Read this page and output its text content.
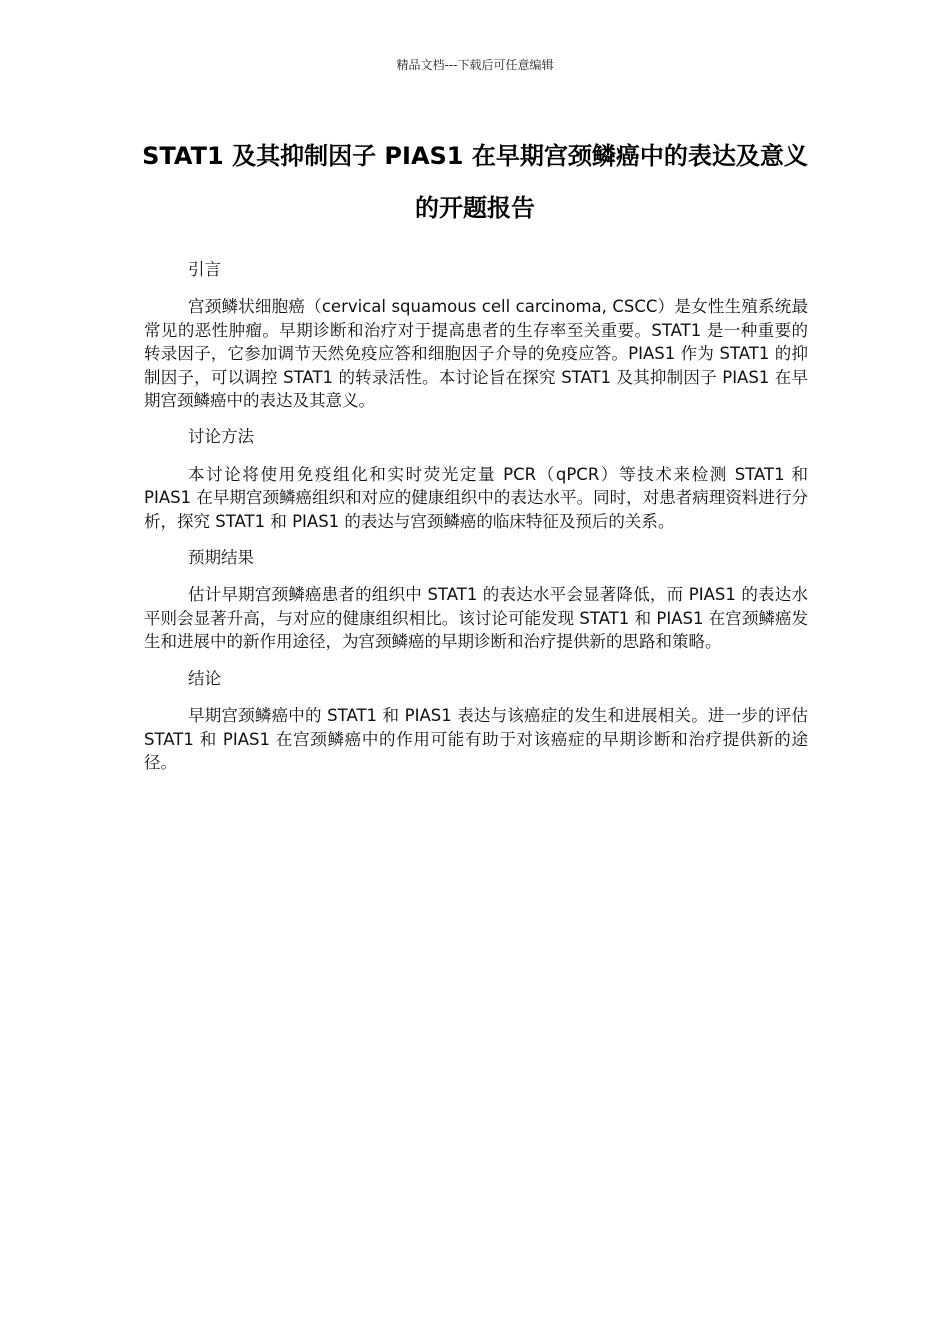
精品文档---下载后可任意编辑
STAT1 及其抑制因子 PIAS1 在早期宫颈鳞癌中的表达及意义的开题报告

引言

宫颈鳞状细胞癌（cervical squamous cell carcinoma, CSCC）是女性生殖系统最常见的恶性肿瘤。早期诊断和治疗对于提高患者的生存率至关重要。STAT1 是一种重要的转录因子，它参加调节天然免疫应答和细胞因子介导的免疫应答。PIAS1 作为 STAT1 的抑制因子，可以调控 STAT1 的转录活性。本讨论旨在探究 STAT1 及其抑制因子 PIAS1 在早期宫颈鳞癌中的表达及其意义。

讨论方法

本讨论将使用免疫组化和实时荧光定量 PCR（qPCR）等技术来检测 STAT1 和 PIAS1 在早期宫颈鳞癌组织和对应的健康组织中的表达水平。同时，对患者病理资料进行分析，探究 STAT1 和 PIAS1 的表达与宫颈鳞癌的临床特征及预后的关系。

预期结果

估计早期宫颈鳞癌患者的组织中 STAT1 的表达水平会显著降低，而 PIAS1 的表达水平则会显著升高，与对应的健康组织相比。该讨论可能发现 STAT1 和 PIAS1 在宫颈鳞癌发生和进展中的新作用途径，为宫颈鳞癌的早期诊断和治疗提供新的思路和策略。

结论

早期宫颈鳞癌中的 STAT1 和 PIAS1 表达与该癌症的发生和进展相关。进一步的评估 STAT1 和 PIAS1 在宫颈鳞癌中的作用可能有助于对该癌症的早期诊断和治疗提供新的途径。
